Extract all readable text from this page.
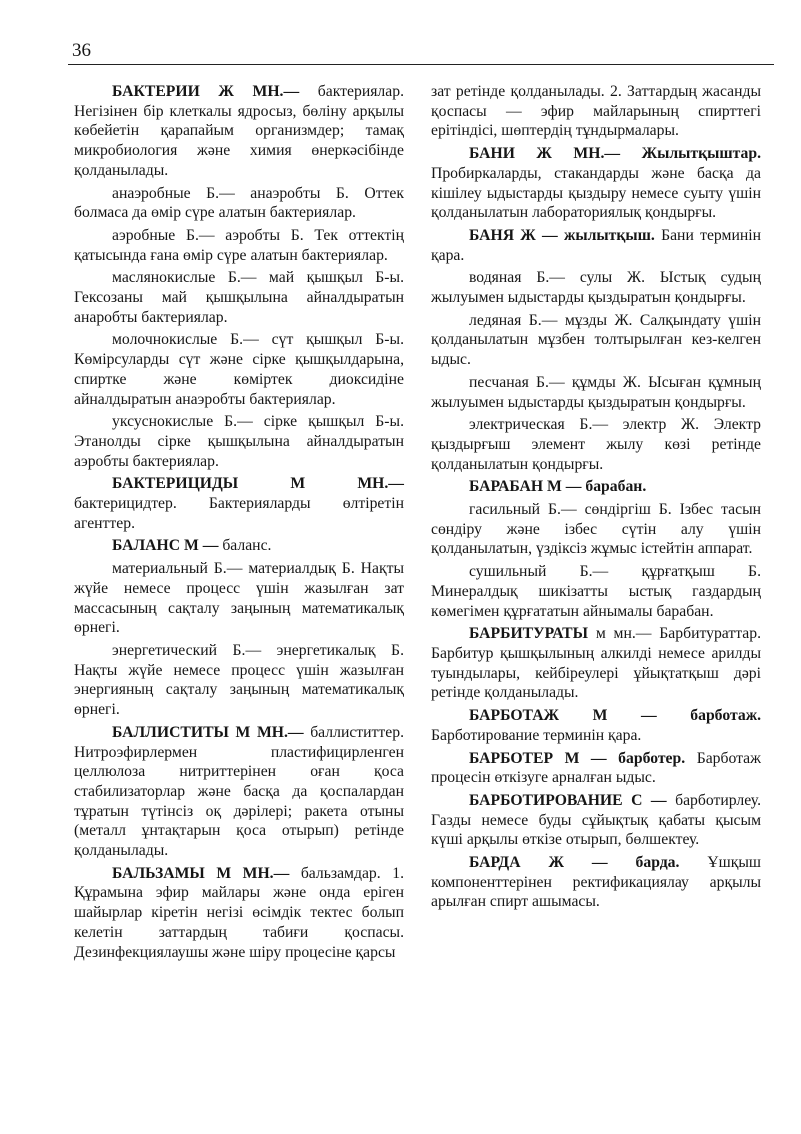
36

БАКТЕРИИ Ж МН.— бактериялар. Негізінен бір клеткалы ядросыз, бөліну арқылы көбейетін қарапайым организмдер; тамақ микробиология және химия өнеркәсібінде қолданылады.

анаэробные Б.— анаэробты Б. Оттек болмаса да өмір сүре алатын бактериялар.

аэробные Б.— аэробты Б. Тек оттектің қатысында ғана өмір сүре алатын бактериялар.

маслянокислые Б.— май қышқыл Б-ы. Гексозаны май қышқылына айналдыратын анаробты бактериялар.

молочнокислые Б.— сүт қышқыл Б-ы. Көмірсуларды сүт және сірке қышқылдарына, спиртке және көміртек диоксидіне айналдыратын анаэробты бактериялар.

уксуснокислые Б.— сірке қышқыл Б-ы. Этанолды сірке қышқылына айналдыратын аэробты бактериялар.

БАКТЕРИЦИДЫ М МН.— бактерицидтер. Бактерияларды өлтіретін агенттер.

БАЛАНС М — баланс.

материальный Б.— материалдық Б. Нақты жүйе немесе процесс үшін жазылған зат массасының сақталу заңының математикалық өрнегі.

энергетический Б.— энергетикалық Б. Нақты жүйе немесе процесс үшін жазылған энергияның сақталу заңының математикалық өрнегі.

БАЛЛИСТИТЫ М МН.— баллиститтер. Нитроэфирлермен пластифицирленген целлюлоза нитриттерінен оған қоса стабилизаторлар және басқа да қоспалардан тұратын түтінсіз оқ дәрілері; ракета отыны (металл ұнтақтарын қоса отырып) ретінде қолданылады.

БАЛЬЗАМЫ М МН.— бальзамдар. 1. Құрамына эфир майлары және онда еріген шайырлар кіретін негізі өсімдік тектес болып келетін заттардың табиғи қоспасы. Дезинфекциялаушы және шіру процесіне қарсы

зат ретінде қолданылады. 2. Заттардың жасанды қоспасы — эфир майларының спирттегі ерітіндісі, шөптердің тұндырмалары.

БАНИ Ж МН.— Жылытқыштар. Пробиркаларды, стакандарды және басқа да кішілеу ыдыстарды қыздыру немесе суыту үшін қолданылатын лабораториялық қондырғы.

БАНЯ Ж — жылытқыш. Бани терминін қара.

водяная Б.— сулы Ж. Ыстық судың жылуымен ыдыстарды қыздыратын қондырғы.

ледяная Б.— мұзды Ж. Салқындату үшін қолданылатын мұзбен толтырылған кез-келген ыдыс.

песчаная Б.— құмды Ж. Ысыған құмның жылуымен ыдыстарды қыздыратын қондырғы.

электрическая Б.— электр Ж. Электр қыздырғыш элемент жылу көзі ретінде қолданылатын қондырғы.

БАРАБАН М — барабан.

гасильный Б.— сөндіргіш Б. Ізбес тасын сөндіру және ізбес сүтін алу үшін қолданылатын, үздіксіз жұмыс істейтін аппарат.

сушильный Б.— құрғатқыш Б. Минералдық шикізатты ыстық газдардың көмегімен құрғататын айнымалы барабан.

БАРБИТУРАТЫ м мн.— Барбитураттар. Барбитур қышқылының алкилді немесе арилды туындылары, кейбіреулері ұйықтатқыш дәрі ретінде қолданылады.

БАРБОТАЖ М — барботаж. Барботирование терминін қара.

БАРБОТЕР М — барботер. Барботаж процесін өткізуге арналған ыдыс.

БАРБОТИРОВАНИЕ С — барботирлеу. Газды немесе буды сұйықтық қабаты қысым күші арқылы өткізе отырып, бөлшектеу.

БАРДА Ж — барда. Ұшқыш компоненттерінен ректификациялау арқылы арылған спирт ашымасы.
